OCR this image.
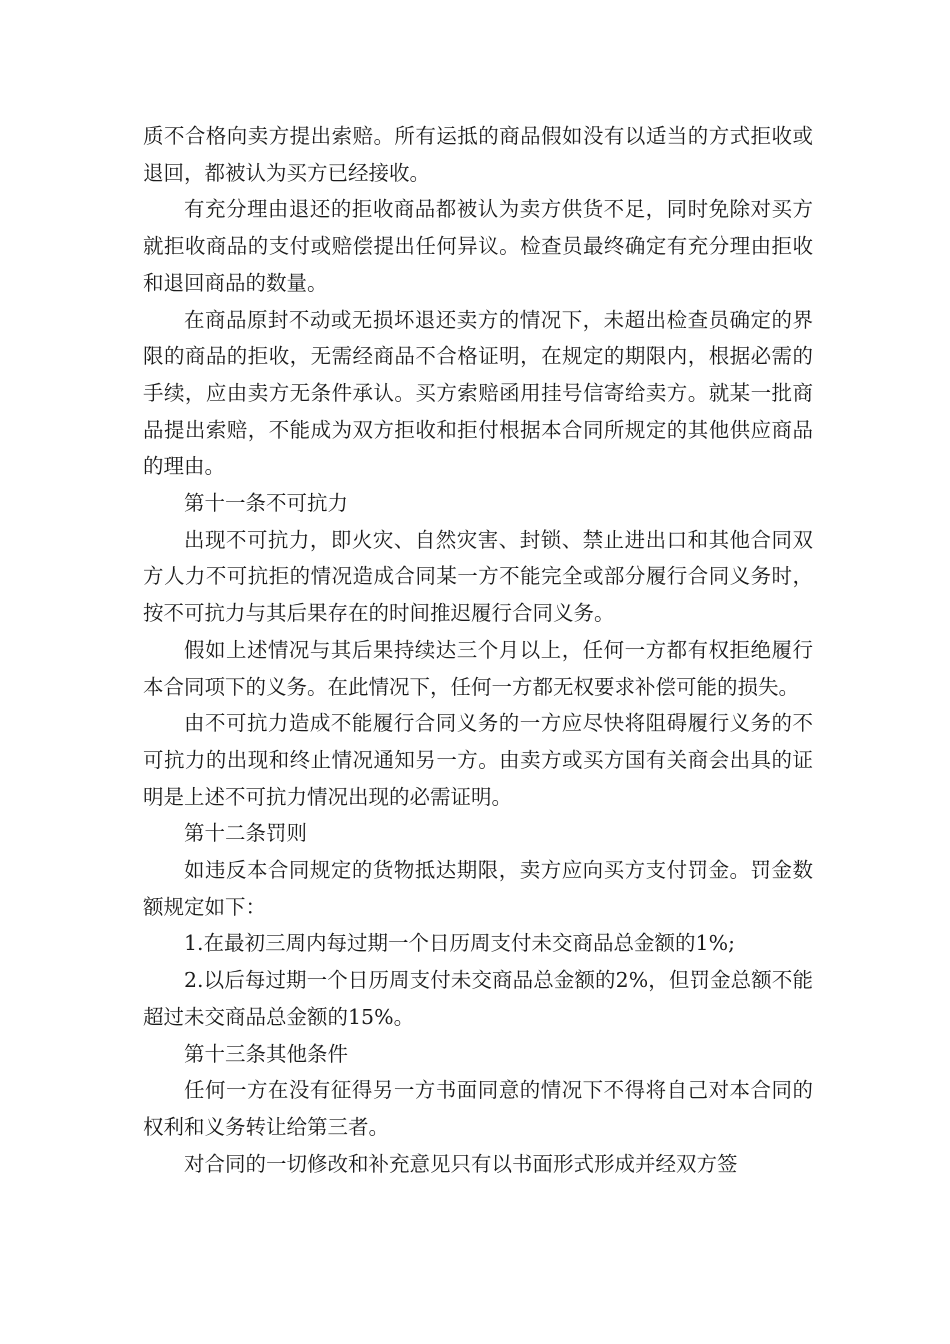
质不合格向卖方提出索赔。所有运抵的商品假如没有以适当的方式拒收或退回，都被认为买方已经接收。

有充分理由退还的拒收商品都被认为卖方供货不足，同时免除对买方就拒收商品的支付或赔偿提出任何异议。检查员最终确定有充分理由拒收和退回商品的数量。

在商品原封不动或无损坏退还卖方的情况下，未超出检查员确定的界限的商品的拒收，无需经商品不合格证明，在规定的期限内，根据必需的手续，应由卖方无条件承认。买方索赔函用挂号信寄给卖方。就某一批商品提出索赔，不能成为双方拒收和拒付根据本合同所规定的其他供应商品的理由。

第十一条不可抗力

出现不可抗力，即火灾、自然灾害、封锁、禁止进出口和其他合同双方人力不可抗拒的情况造成合同某一方不能完全或部分履行合同义务时，按不可抗力与其后果存在的时间推迟履行合同义务。

假如上述情况与其后果持续达三个月以上，任何一方都有权拒绝履行本合同项下的义务。在此情况下，任何一方都无权要求补偿可能的损失。

由不可抗力造成不能履行合同义务的一方应尽快将阻碍履行义务的不可抗力的出现和终止情况通知另一方。由卖方或买方国有关商会出具的证明是上述不可抗力情况出现的必需证明。

第十二条罚则

如违反本合同规定的货物抵达期限，卖方应向买方支付罚金。罚金数额规定如下：

1.在最初三周内每过期一个日历周支付未交商品总金额的1%;

2.以后每过期一个日历周支付未交商品总金额的2%，但罚金总额不能超过未交商品总金额的15%。

第十三条其他条件

任何一方在没有征得另一方书面同意的情况下不得将自己对本合同的权利和义务转让给第三者。

对合同的一切修改和补充意见只有以书面形式形成并经双方签
